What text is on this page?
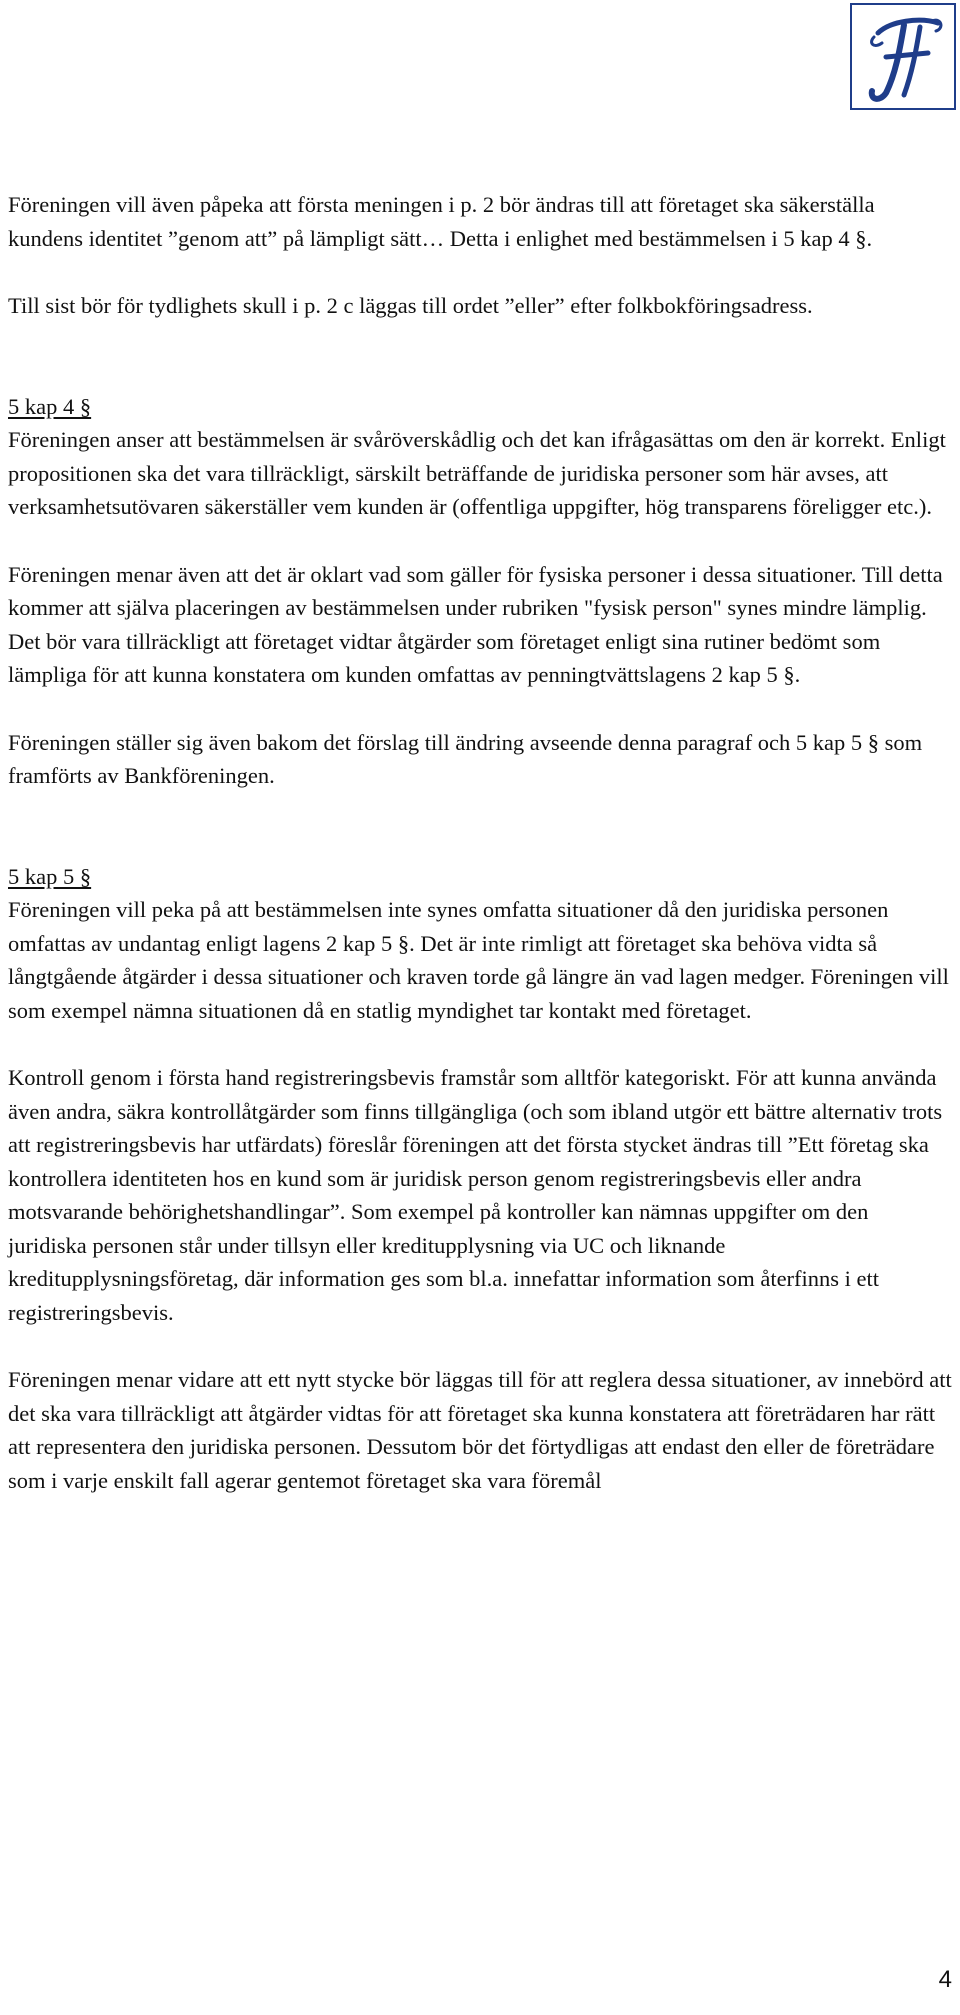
Föreningen vill även påpeka att första meningen i p. 2 bör ändras till att företaget ska säkerställa kundens identitet ”genom att” på lämpligt sätt… Detta i enlighet med bestämmelsen i 5 kap 4 §.

Till sist bör för tydlighets skull i p. 2 c läggas till ordet ”eller” efter folkbokföringsadress.

5 kap 4 §

Föreningen anser att bestämmelsen är svåröverskådlig och det kan ifrågasättas om den är korrekt. Enligt propositionen ska det vara tillräckligt, särskilt beträffande de juridiska personer som här avses, att verksamhetsutövaren säkerställer vem kunden är (offentliga uppgifter, hög transparens föreligger etc.).

Föreningen menar även att det är oklart vad som gäller för fysiska personer i dessa situationer. Till detta kommer att själva placeringen av bestämmelsen under rubriken "fysisk person" synes mindre lämplig. Det bör vara tillräckligt att företaget vidtar åtgärder som företaget enligt sina rutiner bedömt som lämpliga för att kunna konstatera om kunden omfattas av penningtvättslagens 2 kap 5 §.

Föreningen ställer sig även bakom det förslag till ändring avseende denna paragraf och 5 kap 5 § som framförts av Bankföreningen.

5 kap 5 §

Föreningen vill peka på att bestämmelsen inte synes omfatta situationer då den juridiska personen omfattas av undantag enligt lagens 2 kap 5 §. Det är inte rimligt att företaget ska behöva vidta så långtgående åtgärder i dessa situationer och kraven torde gå längre än vad lagen medger. Föreningen vill som exempel nämna situationen då en statlig myndighet tar kontakt med företaget.

Kontroll genom i första hand registreringsbevis framstår som alltför kategoriskt. För att kunna använda även andra, säkra kontrollåtgärder som finns tillgängliga (och som ibland utgör ett bättre alternativ trots att registreringsbevis har utfärdats) föreslår föreningen att det första stycket ändras till ”Ett företag ska kontrollera identiteten hos en kund som är juridisk person genom registreringsbevis eller andra motsvarande behörighetshandlingar”. Som exempel på kontroller kan nämnas uppgifter om den juridiska personen står under tillsyn eller kreditupplysning via UC och liknande kreditupplysningsföretag, där information ges som bl.a. innefattar information som återfinns i ett registreringsbevis.

Föreningen menar vidare att ett nytt stycke bör läggas till för att reglera dessa situationer, av innebörd att det ska vara tillräckligt att åtgärder vidtas för att företaget ska kunna konstatera att företrädaren har rätt att representera den juridiska personen. Dessutom bör det förtydligas att endast den eller de företrädare som i varje enskilt fall agerar gentemot företaget ska vara föremål

4
